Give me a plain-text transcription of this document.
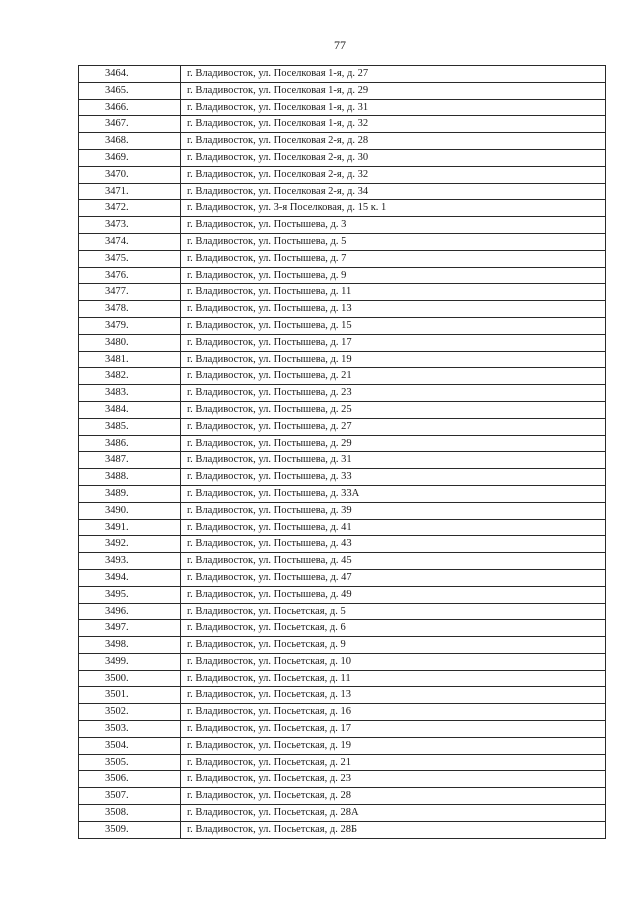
77
3464.	г. Владивосток, ул. Поселковая 1-я, д. 27
3465.	г. Владивосток, ул. Поселковая 1-я, д. 29
3466.	г. Владивосток, ул. Поселковая 1-я, д. 31
3467.	г. Владивосток, ул. Поселковая 1-я, д. 32
3468.	г. Владивосток, ул. Поселковая 2-я, д. 28
3469.	г. Владивосток, ул. Поселковая 2-я, д. 30
3470.	г. Владивосток, ул. Поселковая 2-я, д. 32
3471.	г. Владивосток, ул. Поселковая 2-я, д. 34
3472.	г. Владивосток, ул. 3-я Поселковая, д. 15 к. 1
3473.	г. Владивосток, ул. Постышева, д. 3
3474.	г. Владивосток, ул. Постышева, д. 5
3475.	г. Владивосток, ул. Постышева, д. 7
3476.	г. Владивосток, ул. Постышева, д. 9
3477.	г. Владивосток, ул. Постышева, д. 11
3478.	г. Владивосток, ул. Постышева, д. 13
3479.	г. Владивосток, ул. Постышева, д. 15
3480.	г. Владивосток, ул. Постышева, д. 17
3481.	г. Владивосток, ул. Постышева, д. 19
3482.	г. Владивосток, ул. Постышева, д. 21
3483.	г. Владивосток, ул. Постышева, д. 23
3484.	г. Владивосток, ул. Постышева, д. 25
3485.	г. Владивосток, ул. Постышева, д. 27
3486.	г. Владивосток, ул. Постышева, д. 29
3487.	г. Владивосток, ул. Постышева, д. 31
3488.	г. Владивосток, ул. Постышева, д. 33
3489.	г. Владивосток, ул. Постышева, д. 33А
3490.	г. Владивосток, ул. Постышева, д. 39
3491.	г. Владивосток, ул. Постышева, д. 41
3492.	г. Владивосток, ул. Постышева, д. 43
3493.	г. Владивосток, ул. Постышева, д. 45
3494.	г. Владивосток, ул. Постышева, д. 47
3495.	г. Владивосток, ул. Постышева, д. 49
3496.	г. Владивосток, ул. Посьетская, д. 5
3497.	г. Владивосток, ул. Посьетская, д. 6
3498.	г. Владивосток, ул. Посьетская, д. 9
3499.	г. Владивосток, ул. Посьетская, д. 10
3500.	г. Владивосток, ул. Посьетская, д. 11
3501.	г. Владивосток, ул. Посьетская, д. 13
3502.	г. Владивосток, ул. Посьетская, д. 16
3503.	г. Владивосток, ул. Посьетская, д. 17
3504.	г. Владивосток, ул. Посьетская, д. 19
3505.	г. Владивосток, ул. Посьетская, д. 21
3506.	г. Владивосток, ул. Посьетская, д. 23
3507.	г. Владивосток, ул. Посьетская, д. 28
3508.	г. Владивосток, ул. Посьетская, д. 28А
3509.	г. Владивосток, ул. Посьетская, д. 28Б
